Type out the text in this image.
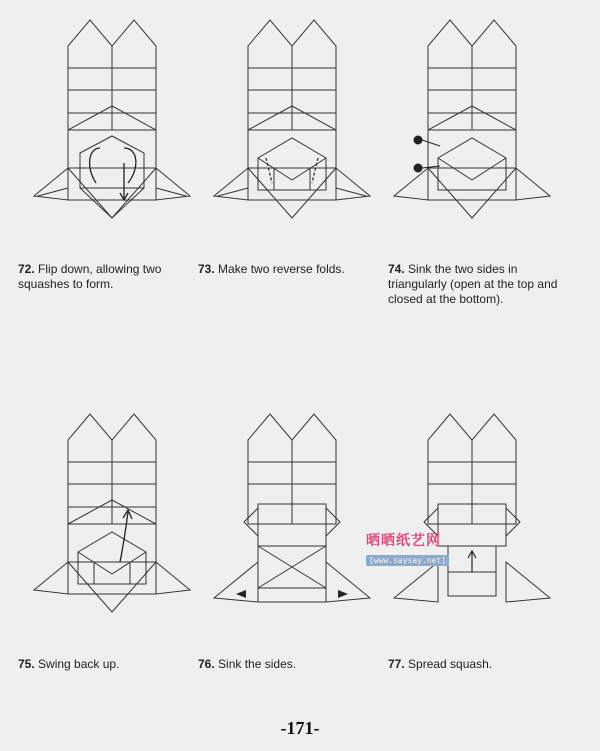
72. Flip down, allowing two squashes to form.
73. Make two reverse folds.	74. Sink the two sides in triangularly (open at the top and closed at the bottom).
75. Swing back up.	76. Sink the sides.	77. Spread squash.
晒晒纸艺网
[www.saysay.net]
-171-
